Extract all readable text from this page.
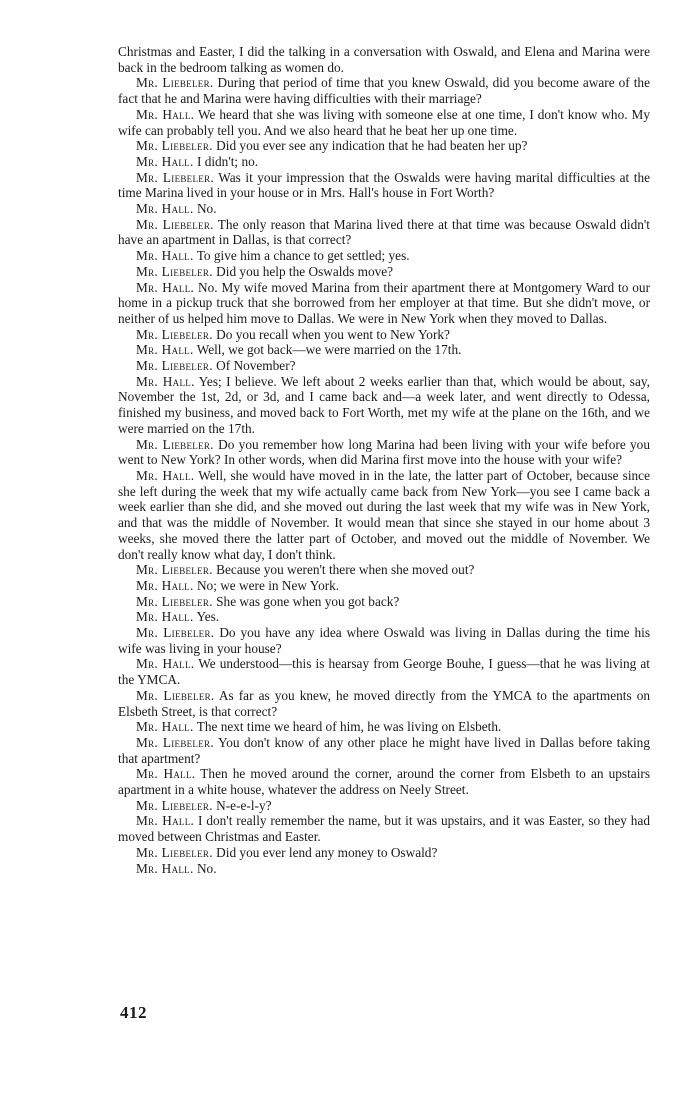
Christmas and Easter, I did the talking in a conversation with Oswald, and Elena and Marina were back in the bedroom talking as women do.

Mr. Liebeler. During that period of time that you knew Oswald, did you become aware of the fact that he and Marina were having difficulties with their marriage?

Mr. Hall. We heard that she was living with someone else at one time, I don't know who. My wife can probably tell you. And we also heard that he beat her up one time.

Mr. Liebeler. Did you ever see any indication that he had beaten her up?

Mr. Hall. I didn't; no.

Mr. Liebeler. Was it your impression that the Oswalds were having marital difficulties at the time Marina lived in your house or in Mrs. Hall's house in Fort Worth?

Mr. Hall. No.

Mr. Liebeler. The only reason that Marina lived there at that time was because Oswald didn't have an apartment in Dallas, is that correct?

Mr. Hall. To give him a chance to get settled; yes.

Mr. Liebeler. Did you help the Oswalds move?

Mr. Hall. No. My wife moved Marina from their apartment there at Montgomery Ward to our home in a pickup truck that she borrowed from her employer at that time. But she didn't move, or neither of us helped him move to Dallas. We were in New York when they moved to Dallas.

Mr. Liebeler. Do you recall when you went to New York?

Mr. Hall. Well, we got back—we were married on the 17th.

Mr. Liebeler. Of November?

Mr. Hall. Yes; I believe. We left about 2 weeks earlier than that, which would be about, say, November the 1st, 2d, or 3d, and I came back and—a week later, and went directly to Odessa, finished my business, and moved back to Fort Worth, met my wife at the plane on the 16th, and we were married on the 17th.

Mr. Liebeler. Do you remember how long Marina had been living with your wife before you went to New York? In other words, when did Marina first move into the house with your wife?

Mr. Hall. Well, she would have moved in in the late, the latter part of October, because since she left during the week that my wife actually came back from New York—you see I came back a week earlier than she did, and she moved out during the last week that my wife was in New York, and that was the middle of November. It would mean that since she stayed in our home about 3 weeks, she moved there the latter part of October, and moved out the middle of November. We don't really know what day, I don't think.

Mr. Liebeler. Because you weren't there when she moved out?

Mr. Hall. No; we were in New York.

Mr. Liebeler. She was gone when you got back?

Mr. Hall. Yes.

Mr. Liebeler. Do you have any idea where Oswald was living in Dallas during the time his wife was living in your house?

Mr. Hall. We understood—this is hearsay from George Bouhe, I guess—that he was living at the YMCA.

Mr. Liebeler. As far as you knew, he moved directly from the YMCA to the apartments on Elsbeth Street, is that correct?

Mr. Hall. The next time we heard of him, he was living on Elsbeth.

Mr. Liebeler. You don't know of any other place he might have lived in Dallas before taking that apartment?

Mr. Hall. Then he moved around the corner, around the corner from Elsbeth to an upstairs apartment in a white house, whatever the address on Neely Street.

Mr. Liebeler. N-e-e-l-y?

Mr. Hall. I don't really remember the name, but it was upstairs, and it was Easter, so they had moved between Christmas and Easter.

Mr. Liebeler. Did you ever lend any money to Oswald?

Mr. Hall. No.

412
